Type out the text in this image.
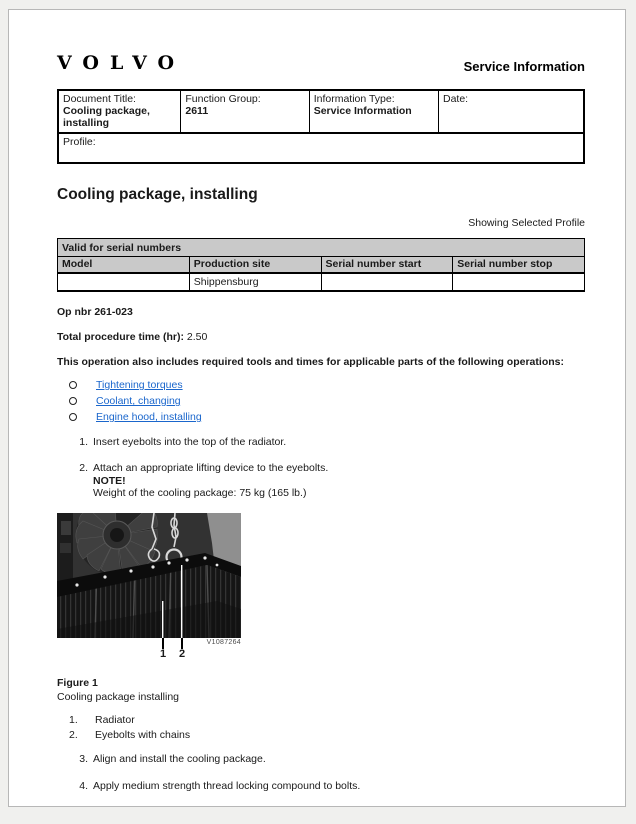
VOLVO	Service Information
Document Title:
Cooling package, installing

Function Group:
2611

Information Type:
Service Information

Date:

Profile:
Cooling package, installing
Showing Selected Profile
Valid for serial numbers			
Model	Production site	Serial number start	Serial number stop
	Shippensburg		

Op nbr 261-023

Total procedure time (hr): 2.50

This operation also includes required tools and times for applicable parts of the following operations:

Tightening torques
Coolant, changing
Engine hood, installing
1. Insert eyebolts into the top of the radiator.
2. Attach an appropriate lifting device to the eyebolts.
NOTE!
Weight of the cooling package: 75 kg (165 lb.)
V1087264
1 2

Figure 1

Cooling package installing

1.	Radiator
2.	Eyebolts with chains
3. Align and install the cooling package.
4. Apply medium strength thread locking compound to bolts.
